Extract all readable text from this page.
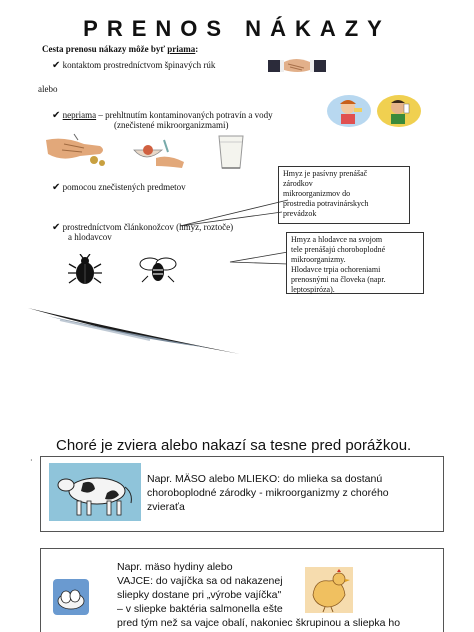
PRENOS NÁKAZY
Cesta prenosu nákazy môže byť priama:
✔ kontaktom prostredníctvom špinavých rúk
alebo
✔ nepriama – prehltnutím kontaminovaných potravín a vody
(znečistené mikroorganizmami)
✔ pomocou znečistených predmetov
Hmyz je pasívny prenášač
zárodkov
mikroorganizmov do
prostredia potravinárskych
prevádzok
✔ prostredníctvom článkonožcov (hmyz, roztoče)
a hlodavcov	Hmyz a hlodavce na svojom
tele prenášajú choroboplodné
mikroorganizmy.
Hlodavce trpia ochoreniami
prenosnými na človeka (napr.
leptospiróza).
Choré je zviera alebo nakazí sa tesne pred porážkou.
·
Napr. MÄSO alebo MLIEKO: do mlieka sa dostanú
choroboplodné zárodky - mikroorganizmy z chorého
zvieraťa
Napr. mäso hydiny alebo
VAJCE: do vajíčka sa od nakazenej
sliepky dostane pri „výrobe vajíčka"
– v sliepke baktéria salmonella ešte
pred tým než sa vajce obalí, nakoniec škrupinou a sliepka ho
